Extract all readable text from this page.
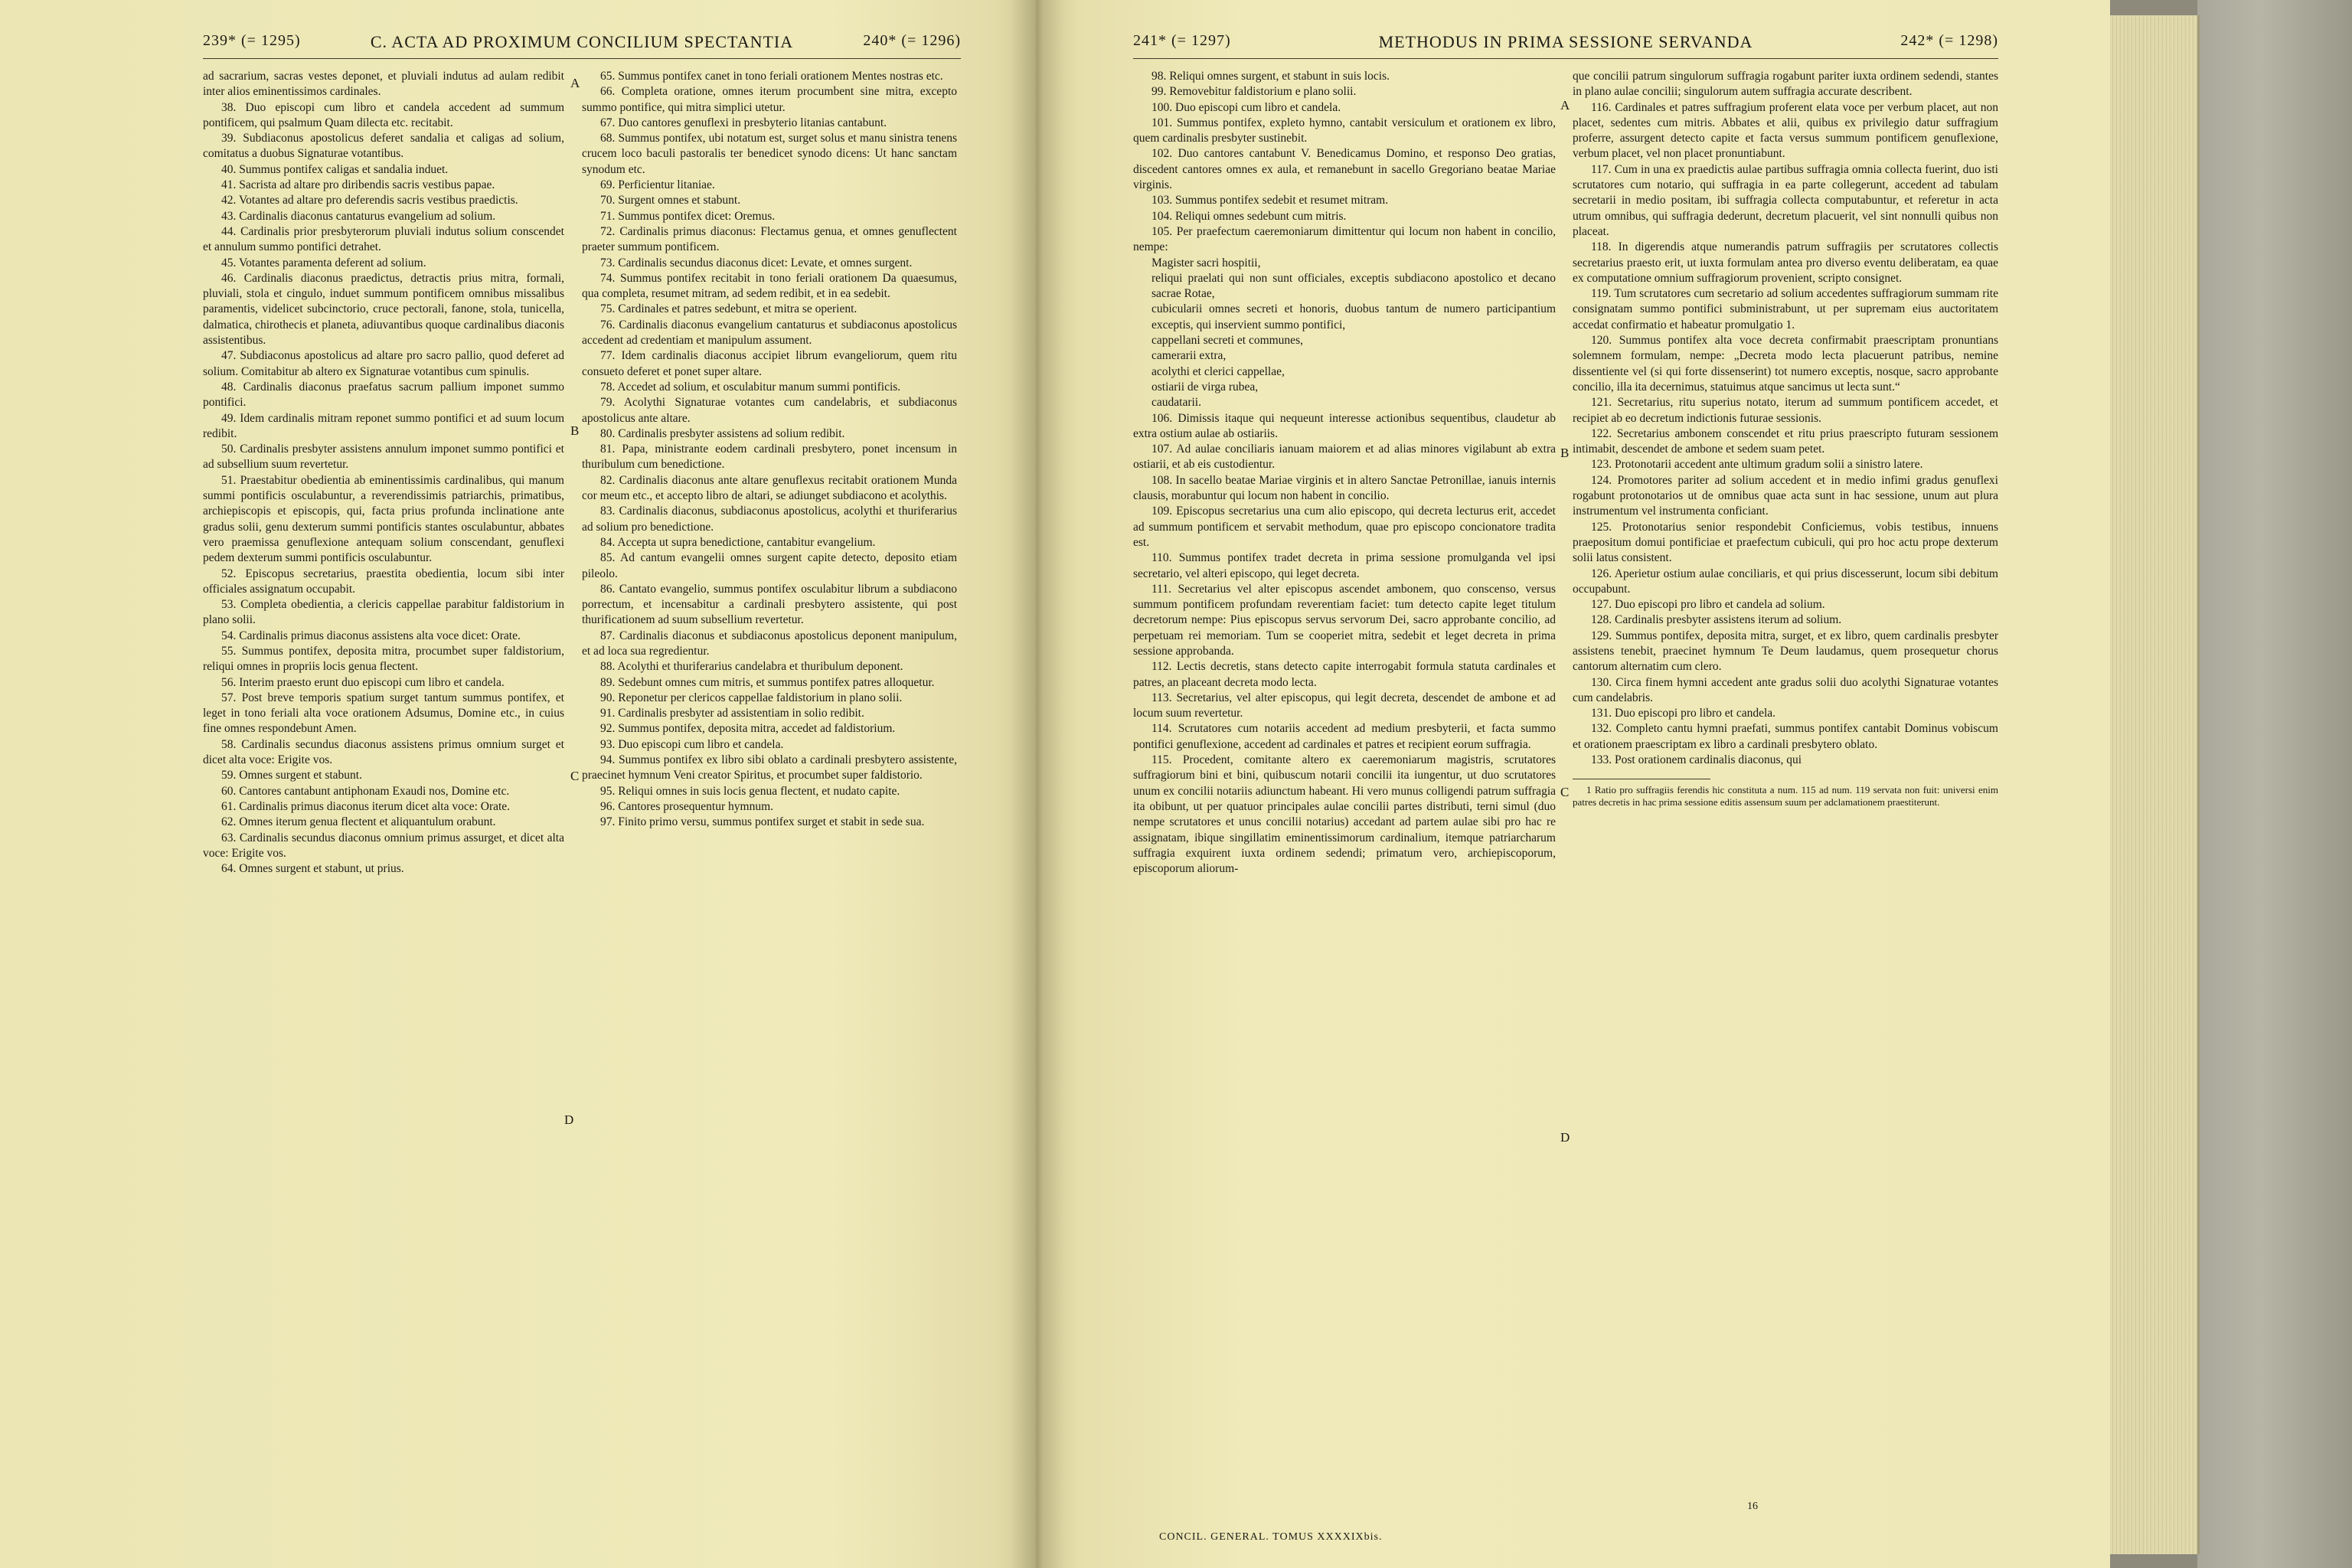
239* (= 1295)	C. ACTA AD PROXIMUM CONCILIUM SPECTANTIA	240* (= 1296)

ad sacrarium, sacras vestes deponet, et pluviali indutus ad aulam redibit inter alios eminentissimos cardinales.

38. Duo episcopi cum libro et candela accedent ad summum pontificem, qui psalmum Quam dilecta etc. recitabit.

39. Subdiaconus apostolicus deferet sandalia et caligas ad solium, comitatus a duobus Signaturae votantibus.

40. Summus pontifex caligas et sandalia induet.

41. Sacrista ad altare pro diribendis sacris vestibus papae.

42. Votantes ad altare pro deferendis sacris vestibus praedictis.

43. Cardinalis diaconus cantaturus evangelium ad solium.

44. Cardinalis prior presbyterorum pluviali indutus solium conscendet et annulum summo pontifici detrahet.

45. Votantes paramenta deferent ad solium.

46. Cardinalis diaconus praedictus, detractis prius mitra, formali, pluviali, stola et cingulo, induet summum pontificem omnibus missalibus paramentis, videlicet subcinctorio, cruce pectorali, fanone, stola, tunicella, dalmatica, chirothecis et planeta, adiuvantibus quoque cardinalibus diaconis assistentibus.

47. Subdiaconus apostolicus ad altare pro sacro pallio, quod deferet ad solium. Comitabitur ab altero ex Signaturae votantibus cum spinulis.

48. Cardinalis diaconus praefatus sacrum pallium imponet summo pontifici.

49. Idem cardinalis mitram reponet summo pontifici et ad suum locum redibit.

50. Cardinalis presbyter assistens annulum imponet summo pontifici et ad subsellium suum revertetur.

51. Praestabitur obedientia ab eminentissimis cardinalibus, qui manum summi pontificis osculabuntur, a reverendissimis patriarchis, primatibus, archiepiscopis et episcopis, qui, facta prius profunda inclinatione ante gradus solii, genu dexterum summi pontificis stantes osculabuntur, abbates vero praemissa genuflexione antequam solium conscendant, genuflexi pedem dexterum summi pontificis osculabuntur.

52. Episcopus secretarius, praestita obedientia, locum sibi inter officiales assignatum occupabit.

53. Completa obedientia, a clericis cappellae parabitur faldistorium in plano solii.

54. Cardinalis primus diaconus assistens alta voce dicet: Orate.

55. Summus pontifex, deposita mitra, procumbet super faldistorium, reliqui omnes in propriis locis genua flectent.

56. Interim praesto erunt duo episcopi cum libro et candela.

57. Post breve temporis spatium surget tantum summus pontifex, et leget in tono feriali alta voce orationem Adsumus, Domine etc., in cuius fine omnes respondebunt Amen.

58. Cardinalis secundus diaconus assistens primus omnium surget et dicet alta voce: Erigite vos.

59. Omnes surgent et stabunt.

60. Cantores cantabunt antiphonam Exaudi nos, Domine etc.

61. Cardinalis primus diaconus iterum dicet alta voce: Orate.

62. Omnes iterum genua flectent et aliquantulum orabunt.

63. Cardinalis secundus diaconus omnium primus assurget, et dicet alta voce: Erigite vos.

64. Omnes surgent et stabunt, ut prius.

A
B
C
D

65. Summus pontifex canet in tono feriali orationem Mentes nostras etc.

66. Completa oratione, omnes iterum procumbent sine mitra, excepto summo pontifice, qui mitra simplici utetur.

67. Duo cantores genuflexi in presbyterio litanias cantabunt.

68. Summus pontifex, ubi notatum est, surget solus et manu sinistra tenens crucem loco baculi pastoralis ter benedicet synodo dicens: Ut hanc sanctam synodum etc.

69. Perficientur litaniae.

70. Surgent omnes et stabunt.

71. Summus pontifex dicet: Oremus.

72. Cardinalis primus diaconus: Flectamus genua, et omnes genuflectent praeter summum pontificem.

73. Cardinalis secundus diaconus dicet: Levate, et omnes surgent.

74. Summus pontifex recitabit in tono feriali orationem Da quaesumus, qua completa, resumet mitram, ad sedem redibit, et in ea sedebit.

75. Cardinales et patres sedebunt, et mitra se operient.

76. Cardinalis diaconus evangelium cantaturus et subdiaconus apostolicus accedent ad credentiam et manipulum assument.

77. Idem cardinalis diaconus accipiet librum evangeliorum, quem ritu consueto deferet et ponet super altare.

78. Accedet ad solium, et osculabitur manum summi pontificis.

79. Acolythi Signaturae votantes cum candelabris, et subdiaconus apostolicus ante altare.

80. Cardinalis presbyter assistens ad solium redibit.

81. Papa, ministrante eodem cardinali presbytero, ponet incensum in thuribulum cum benedictione.

82. Cardinalis diaconus ante altare genuflexus recitabit orationem Munda cor meum etc., et accepto libro de altari, se adiunget subdiacono et acolythis.

83. Cardinalis diaconus, subdiaconus apostolicus, acolythi et thuriferarius ad solium pro benedictione.

84. Accepta ut supra benedictione, cantabitur evangelium.

85. Ad cantum evangelii omnes surgent capite detecto, deposito etiam pileolo.

86. Cantato evangelio, summus pontifex osculabitur librum a subdiacono porrectum, et incensabitur a cardinali presbytero assistente, qui post thurificationem ad suum subsellium revertetur.

87. Cardinalis diaconus et subdiaconus apostolicus deponent manipulum, et ad loca sua regredientur.

88. Acolythi et thuriferarius candelabra et thuribulum deponent.

89. Sedebunt omnes cum mitris, et summus pontifex patres alloquetur.

90. Reponetur per clericos cappellae faldistorium in plano solii.

91. Cardinalis presbyter ad assistentiam in solio redibit.

92. Summus pontifex, deposita mitra, accedet ad faldistorium.

93. Duo episcopi cum libro et candela.

94. Summus pontifex ex libro sibi oblato a cardinali presbytero assistente, praecinet hymnum Veni creator Spiritus, et procumbet super faldistorio.

95. Reliqui omnes in suis locis genua flectent, et nudato capite.

96. Cantores prosequentur hymnum.

97. Finito primo versu, summus pontifex surget et stabit in sede sua.

241* (= 1297)	METHODUS IN PRIMA SESSIONE SERVANDA	242* (= 1298)

98. Reliqui omnes surgent, et stabunt in suis locis.

99. Removebitur faldistorium e plano solii.

100. Duo episcopi cum libro et candela.

101. Summus pontifex, expleto hymno, cantabit versiculum et orationem ex libro, quem cardinalis presbyter sustinebit.

102. Duo cantores cantabunt V. Benedicamus Domino, et responso Deo gratias, discedent cantores omnes ex aula, et remanebunt in sacello Gregoriano beatae Mariae virginis.

103. Summus pontifex sedebit et resumet mitram.

104. Reliqui omnes sedebunt cum mitris.

105. Per praefectum caeremoniarum dimittentur qui locum non habent in concilio, nempe:

Magister sacri hospitii,
reliqui praelati qui non sunt officiales, exceptis subdiacono apostolico et decano sacrae Rotae,
cubicularii omnes secreti et honoris, duobus tantum de numero participantium exceptis, qui inservient summo pontifici,
cappellani secreti et communes,
camerarii extra,
acolythi et clerici cappellae,
ostiarii de virga rubea,
caudatarii.

106. Dimissis itaque qui nequeunt interesse actionibus sequentibus, claudetur ab extra ostium aulae ab ostiariis.

107. Ad aulae conciliaris ianuam maiorem et ad alias minores vigilabunt ab extra ostiarii, et ab eis custodientur.

108. In sacello beatae Mariae virginis et in altero Sanctae Petronillae, ianuis internis clausis, morabuntur qui locum non habent in concilio.

109. Episcopus secretarius una cum alio episcopo, qui decreta lecturus erit, accedet ad summum pontificem et servabit methodum, quae pro episcopo concionatore tradita est.

110. Summus pontifex tradet decreta in prima sessione promulganda vel ipsi secretario, vel alteri episcopo, qui leget decreta.

111. Secretarius vel alter episcopus ascendet ambonem, quo conscenso, versus summum pontificem profundam reverentiam faciet: tum detecto capite leget titulum decretorum nempe: Pius episcopus servus servorum Dei, sacro approbante concilio, ad perpetuam rei memoriam. Tum se cooperiet mitra, sedebit et leget decreta in prima sessione approbanda.

112. Lectis decretis, stans detecto capite interrogabit formula statuta cardinales et patres, an placeant decreta modo lecta.

113. Secretarius, vel alter episcopus, qui legit decreta, descendet de ambone et ad locum suum revertetur.

114. Scrutatores cum notariis accedent ad medium presbyterii, et facta summo pontifici genuflexione, accedent ad cardinales et patres et recipient eorum suffragia.

115. Procedent, comitante altero ex caeremoniarum magistris, scrutatores suffragiorum bini et bini, quibuscum notarii concilii ita iungentur, ut duo scrutatores unum ex concilii notariis adiunctum habeant. Hi vero munus colligendi patrum suffragia ita obibunt, ut per quatuor principales aulae concilii partes distributi, terni simul (duo nempe scrutatores et unus concilii notarius) accedant ad partem aulae sibi pro hac re assignatam, ibique singillatim eminentissimorum cardinalium, itemque patriarcharum suffragia exquirent iuxta ordinem sedendi; primatum vero, archiepiscoporum, episcoporum aliorum-

A
B
C
D

que concilii patrum singulorum suffragia rogabunt pariter iuxta ordinem sedendi, stantes in plano aulae concilii; singulorum autem suffragia accurate describent.

116. Cardinales et patres suffragium proferent elata voce per verbum placet, aut non placet, sedentes cum mitris. Abbates et alii, quibus ex privilegio datur suffragium proferre, assurgent detecto capite et facta versus summum pontificem genuflexione, verbum placet, vel non placet pronuntiabunt.

117. Cum in una ex praedictis aulae partibus suffragia omnia collecta fuerint, duo isti scrutatores cum notario, qui suffragia in ea parte collegerunt, accedent ad tabulam secretarii in medio positam, ibi suffragia collecta computabuntur, et referetur in acta utrum omnibus, qui suffragia dederunt, decretum placuerit, vel sint nonnulli quibus non placeat.

118. In digerendis atque numerandis patrum suffragiis per scrutatores collectis secretarius praesto erit, ut iuxta formulam antea pro diverso eventu deliberatam, ea quae ex computatione omnium suffragiorum provenient, scripto consignet.

119. Tum scrutatores cum secretario ad solium accedentes suffragiorum summam rite consignatam summo pontifici subministrabunt, ut per supremam eius auctoritatem accedat confirmatio et habeatur promulgatio 1.

120. Summus pontifex alta voce decreta confirmabit praescriptam pronuntians solemnem formulam, nempe: „Decreta modo lecta placuerunt patribus, nemine dissentiente vel (si qui forte dissenserint) tot numero exceptis, nosque, sacro approbante concilio, illa ita decernimus, statuimus atque sancimus ut lecta sunt.“

121. Secretarius, ritu superius notato, iterum ad summum pontificem accedet, et recipiet ab eo decretum indictionis futurae sessionis.

122. Secretarius ambonem conscendet et ritu prius praescripto futuram sessionem intimabit, descendet de ambone et sedem suam petet.

123. Protonotarii accedent ante ultimum gradum solii a sinistro latere.

124. Promotores pariter ad solium accedent et in medio infimi gradus genuflexi rogabunt protonotarios ut de omnibus quae acta sunt in hac sessione, unum aut plura instrumentum vel instrumenta conficiant.

125. Protonotarius senior respondebit Conficiemus, vobis testibus, innuens praepositum domui pontificiae et praefectum cubiculi, qui pro hoc actu prope dexterum solii latus consistent.

126. Aperietur ostium aulae conciliaris, et qui prius discesserunt, locum sibi debitum occupabunt.

127. Duo episcopi pro libro et candela ad solium.

128. Cardinalis presbyter assistens iterum ad solium.

129. Summus pontifex, deposita mitra, surget, et ex libro, quem cardinalis presbyter assistens tenebit, praecinet hymnum Te Deum laudamus, quem prosequetur chorus cantorum alternatim cum clero.

130. Circa finem hymni accedent ante gradus solii duo acolythi Signaturae votantes cum candelabris.

131. Duo episcopi pro libro et candela.

132. Completo cantu hymni praefati, summus pontifex cantabit Dominus vobiscum et orationem praescriptam ex libro a cardinali presbytero oblato.

133. Post orationem cardinalis diaconus, qui

1 Ratio pro suffragiis ferendis hic constituta a num. 115 ad num. 119 servata non fuit: universi enim patres decretis in hac prima sessione editis assensum suum per adclamationem praestiterunt.
CONCIL. GENERAL. TOMUS XXXXIXbis.
16
